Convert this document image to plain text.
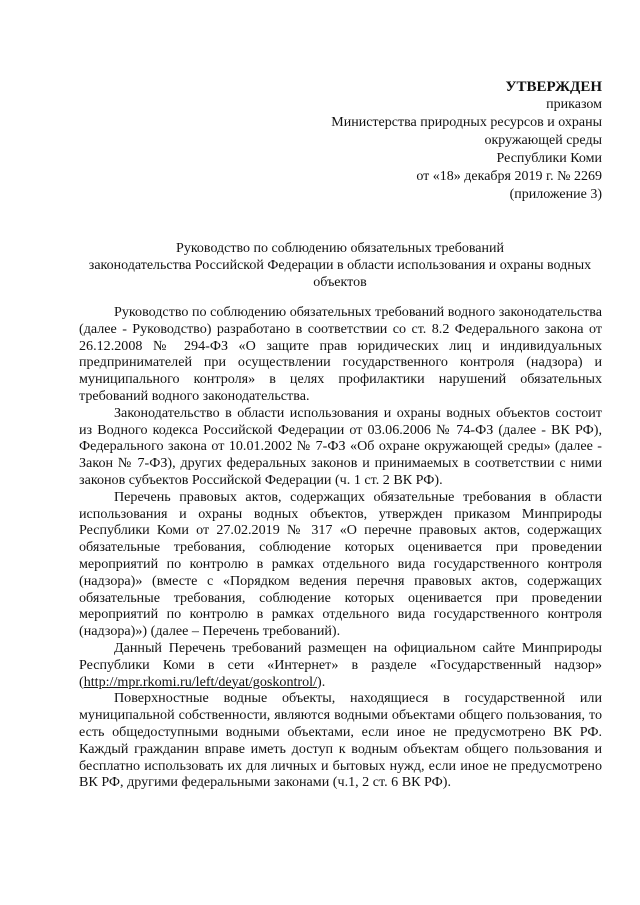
УТВЕРЖДЕН
приказом
Министерства природных ресурсов и охраны
окружающей среды
Республики Коми
от «18» декабря 2019 г. № 2269
(приложение 3)
Руководство по соблюдению обязательных требований
законодательства Российской Федерации в области использования и охраны водных
объектов

Руководство по соблюдению обязательных требований водного законодательства (далее - Руководство) разработано в соответствии со ст. 8.2 Федерального закона от 26.12.2008 № 294-ФЗ «О защите прав юридических лиц и индивидуальных предпринимателей при осуществлении государственного контроля (надзора) и муниципального контроля» в целях профилактики нарушений обязательных требований водного законодательства.

Законодательство в области использования и охраны водных объектов состоит из Водного кодекса Российской Федерации от 03.06.2006 № 74-ФЗ (далее - ВК РФ), Федерального закона от 10.01.2002 № 7-ФЗ «Об охране окружающей среды» (далее - Закон № 7-ФЗ), других федеральных законов и принимаемых в соответствии с ними законов субъектов Российской Федерации (ч. 1 ст. 2 ВК РФ).

Перечень правовых актов, содержащих обязательные требования в области использования и охраны водных объектов, утвержден приказом Минприроды Республики Коми от 27.02.2019 № 317 «О перечне правовых актов, содержащих обязательные требования, соблюдение которых оценивается при проведении мероприятий по контролю в рамках отдельного вида государственного контроля (надзора)» (вместе с «Порядком ведения перечня правовых актов, содержащих обязательные требования, соблюдение которых оценивается при проведении мероприятий по контролю в рамках отдельного вида государственного контроля (надзора)») (далее – Перечень требований).

Данный Перечень требований размещен на официальном сайте Минприроды Республики Коми в сети «Интернет» в разделе «Государственный надзор» (http://mpr.rkomi.ru/left/deyat/goskontrol/).

Поверхностные водные объекты, находящиеся в государственной или муниципальной собственности, являются водными объектами общего пользования, то есть общедоступными водными объектами, если иное не предусмотрено ВК РФ. Каждый гражданин вправе иметь доступ к водным объектам общего пользования и бесплатно использовать их для личных и бытовых нужд, если иное не предусмотрено ВК РФ, другими федеральными законами (ч.1, 2 ст. 6 ВК РФ).
